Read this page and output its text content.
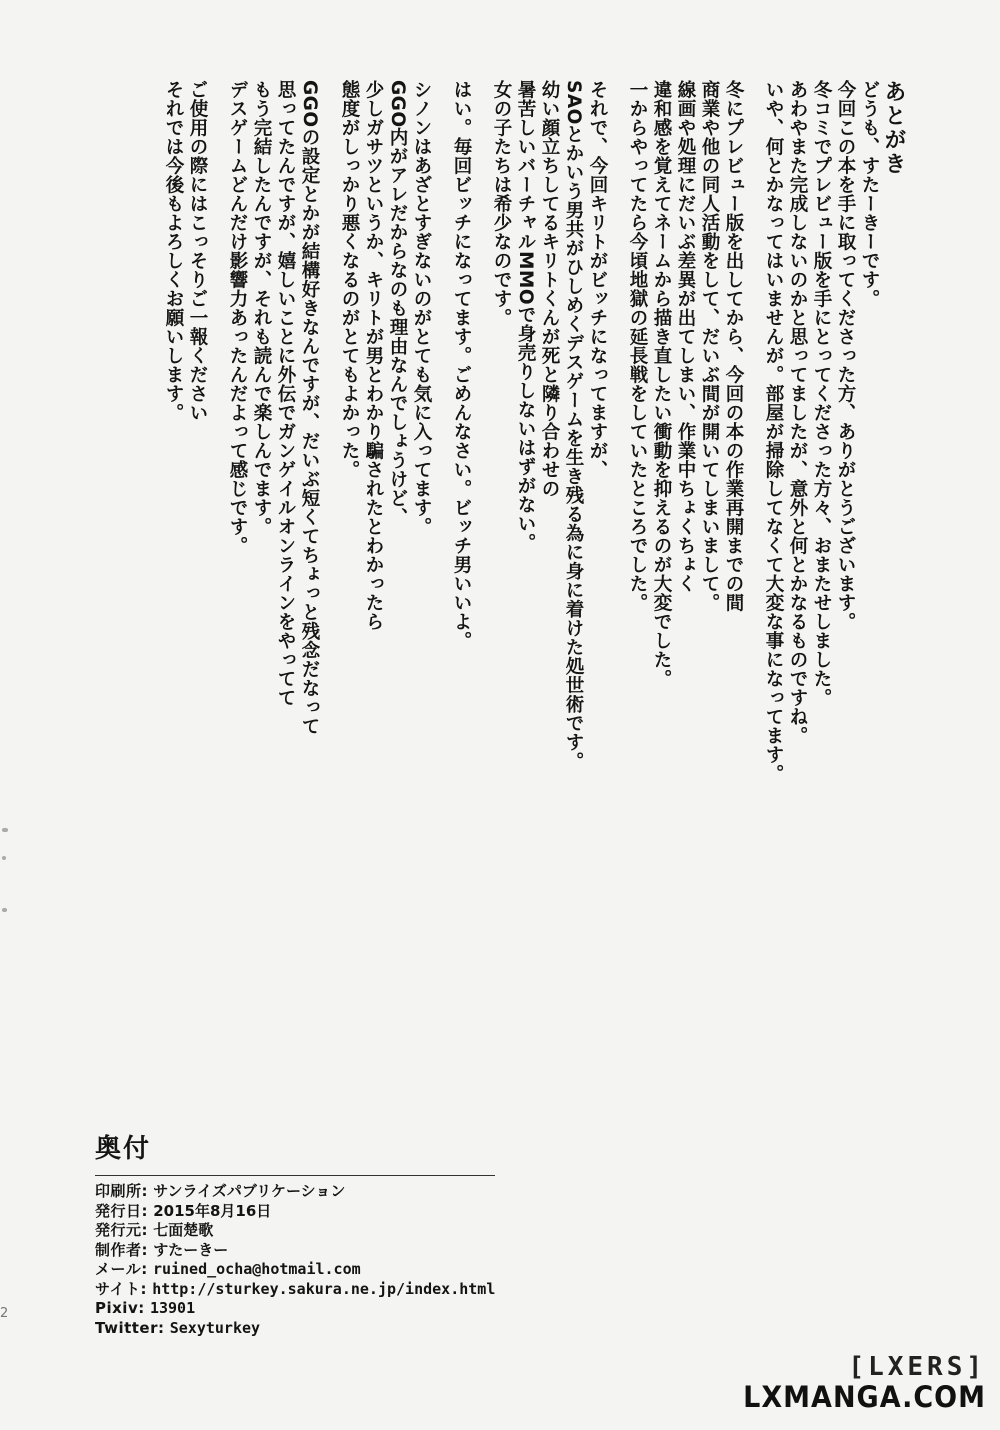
あとがき
どうも、すたーきーです。
今回この本を手に取ってくださった方、ありがとうございます。
冬コミでプレビュー版を手にとってくださった方々、おまたせしました。
あわやまた完成しないのかと思ってましたが、意外と何とかなるものですね。
いや、何とかなってはいませんが。部屋が掃除してなくて大変な事になってます。
冬にプレビュー版を出してから、今回の本の作業再開までの間
商業や他の同人活動をして、だいぶ間が開いてしまいまして。
線画や処理にだいぶ差異が出てしまい、作業中ちょくちょく
違和感を覚えてネームから描き直したい衝動を抑えるのが大変でした。
一からやってたら今頃地獄の延長戦をしていたところでした。
それで、今回キリトがビッチになってますが、
SAOとかいう男共がひしめくデスゲームを生き残る為に身に着けた処世術です。
幼い顔立ちしてるキリトくんが死と隣り合わせの
暑苦しいバーチャルMMOで身売りしないはずがない。
女の子たちは希少なのです。
はい。毎回ビッチになってます。ごめんなさい。ビッチ男いいよ。
シノンはあざとすぎないのがとても気に入ってます。
GGO内がアレだからなのも理由なんでしょうけど、
少しガサツというか、キリトが男とわかり騙されたとわかったら
態度がしっかり悪くなるのがとてもよかった。
GGOの設定とかが結構好きなんですが、だいぶ短くてちょっと残念だなって
思ってたんですが、嬉しいことに外伝でガンゲイルオンラインをやってて
もう完結したんですが、それも読んで楽しんでます。
デスゲームどんだけ影響力あったんだよって感じです。
ご使用の際にはこっそりご一報ください
それでは今後もよろしくお願いします。
奥付
印刷所: サンライズパブリケーション
発行日: 2015年8月16日
発行元: 七面楚歌
制作者: すたーきー
メール: ruined_ocha@hotmail.com
サイト: http://sturkey.sakura.ne.jp/index.html
Pixiv: 13901
Twitter: Sexyturkey
2
[LXERS]
LXMANGA.COM
